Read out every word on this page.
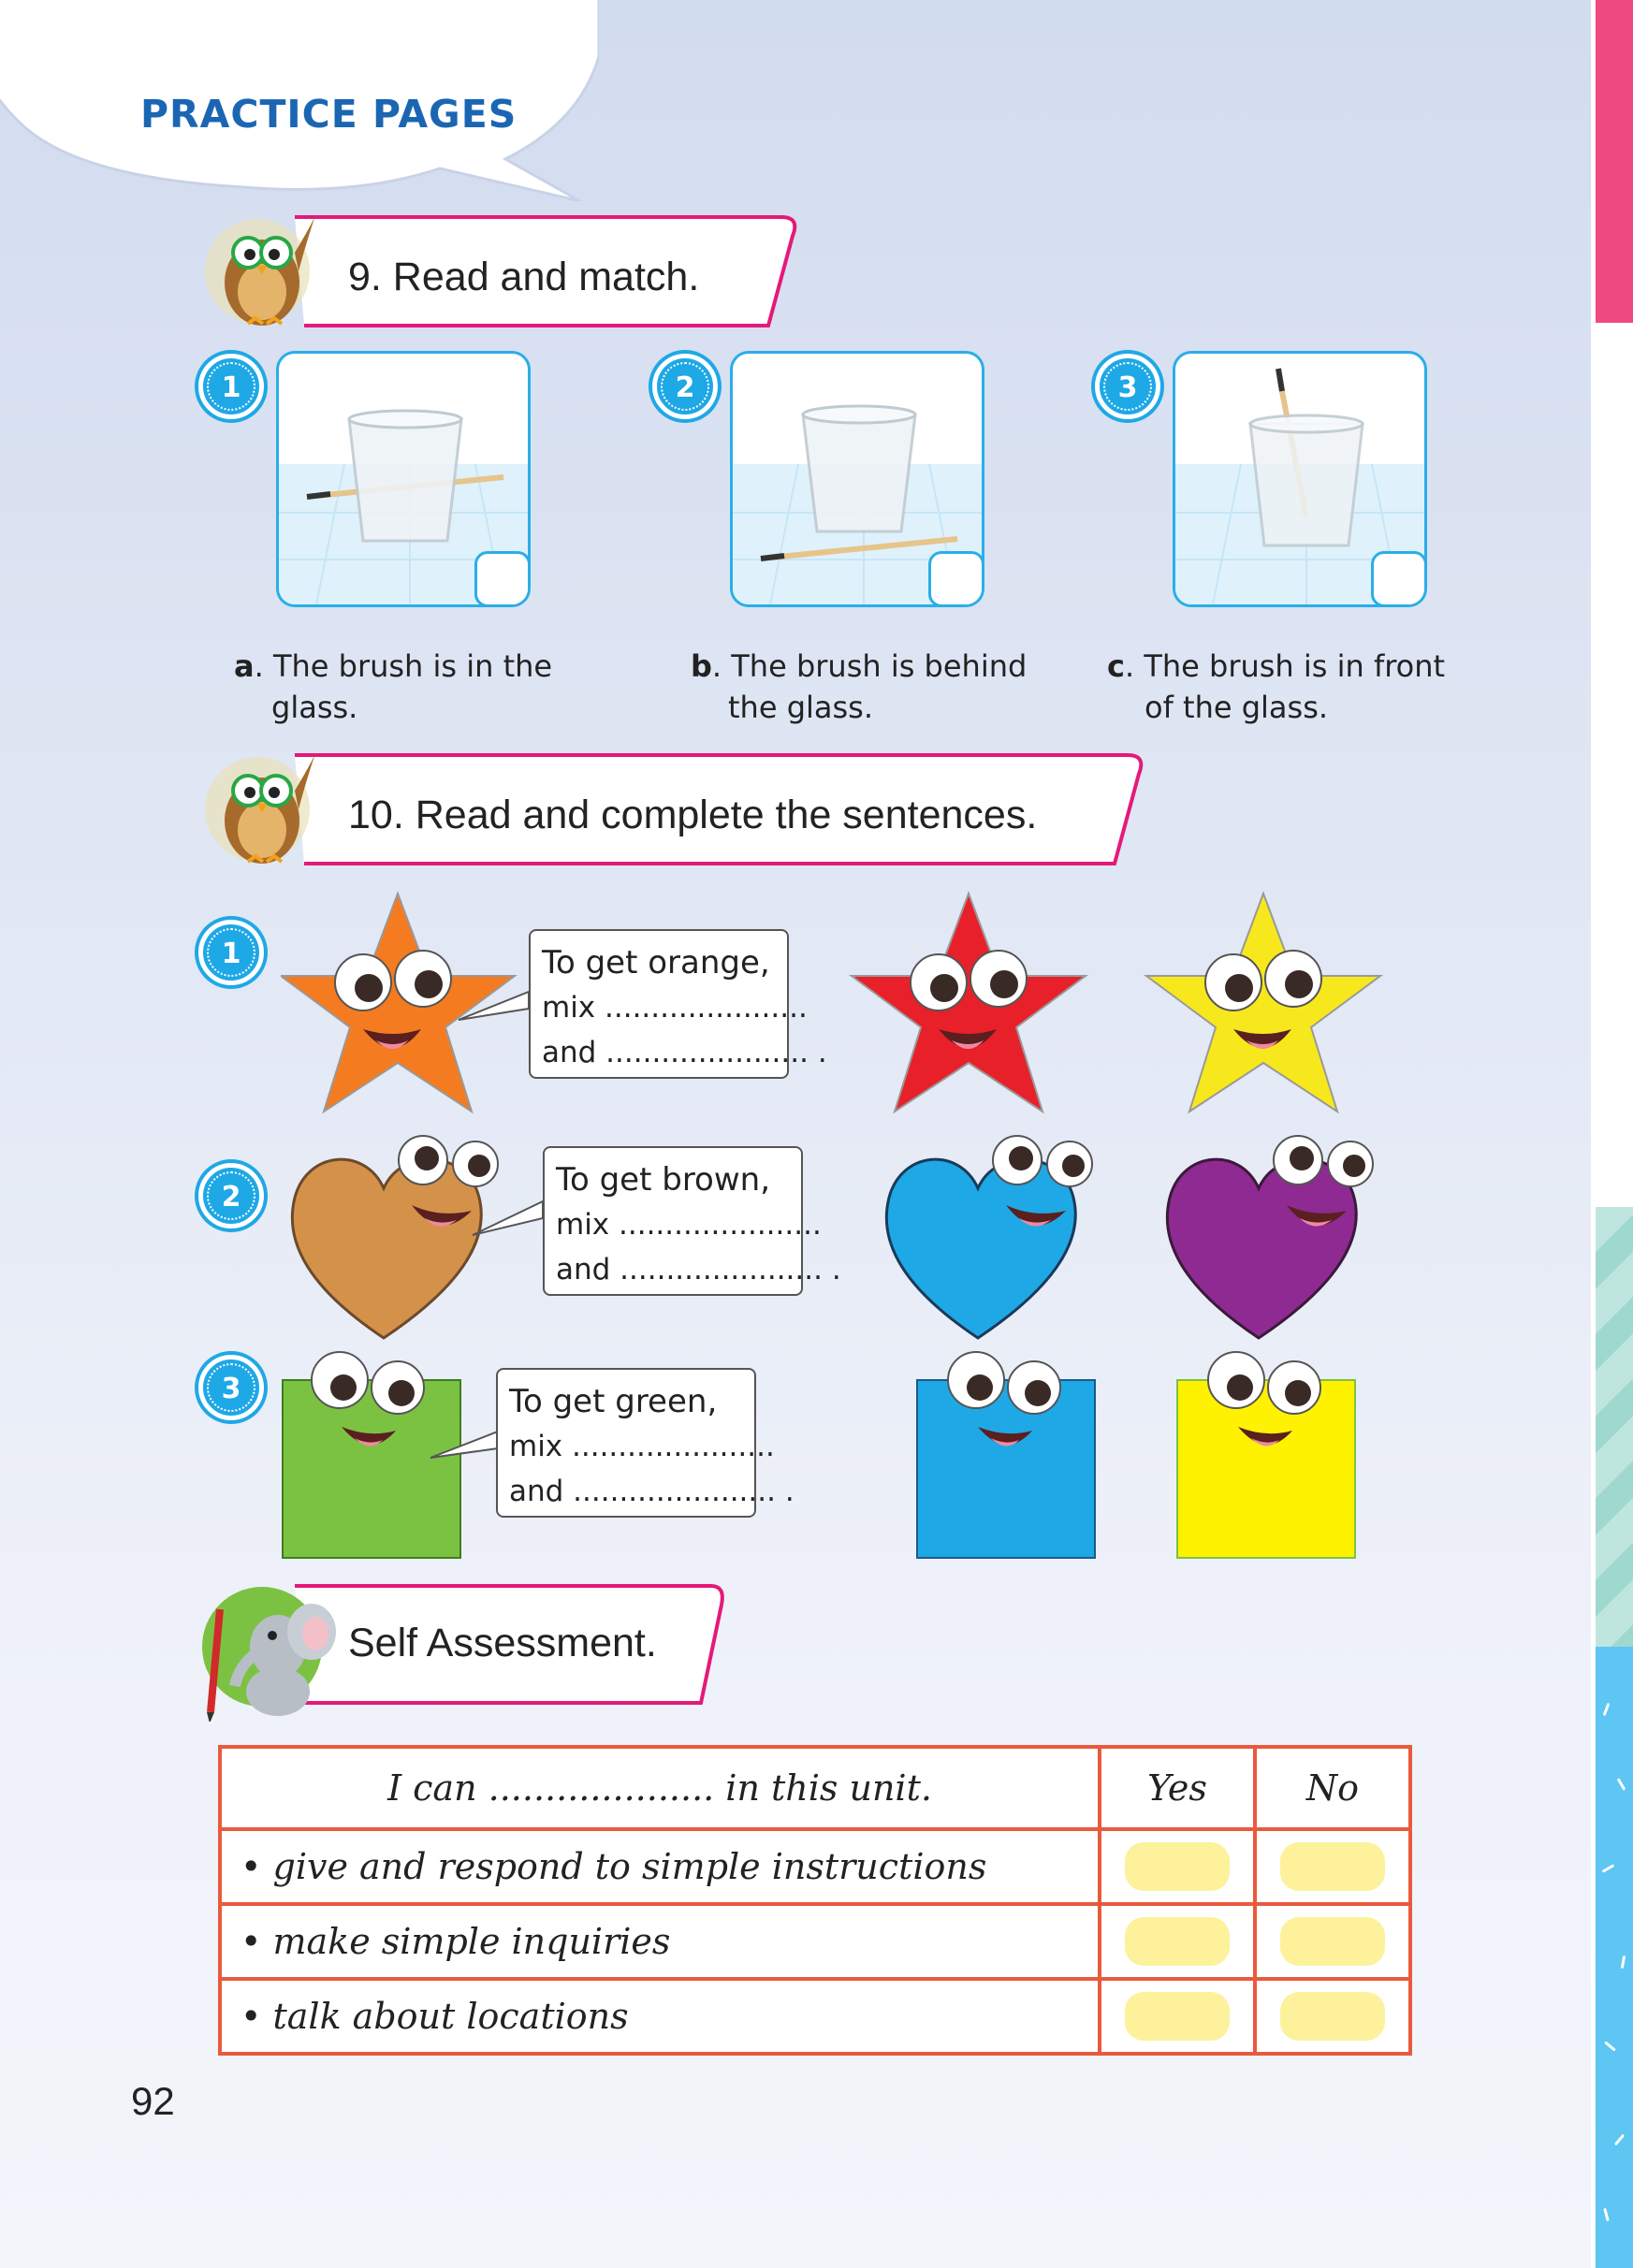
PRACTICE PAGES
9. Read and match.
1	2	3
a. The brush is in the
glass.
b. The brush is behind
the glass.
c. The brush is in front
of the glass.
10. Read and complete the sentences.
1	To get orange,
mix ......................
and ...................... .
2	To get brown,
mix ......................
and ...................... .
3	To get green,
mix ......................
and ...................... .
Self Assessment.
I can .................... in this unit.	Yes	No
• give and respond to simple instructions		
• make simple inquiries		
• talk about locations		
92
